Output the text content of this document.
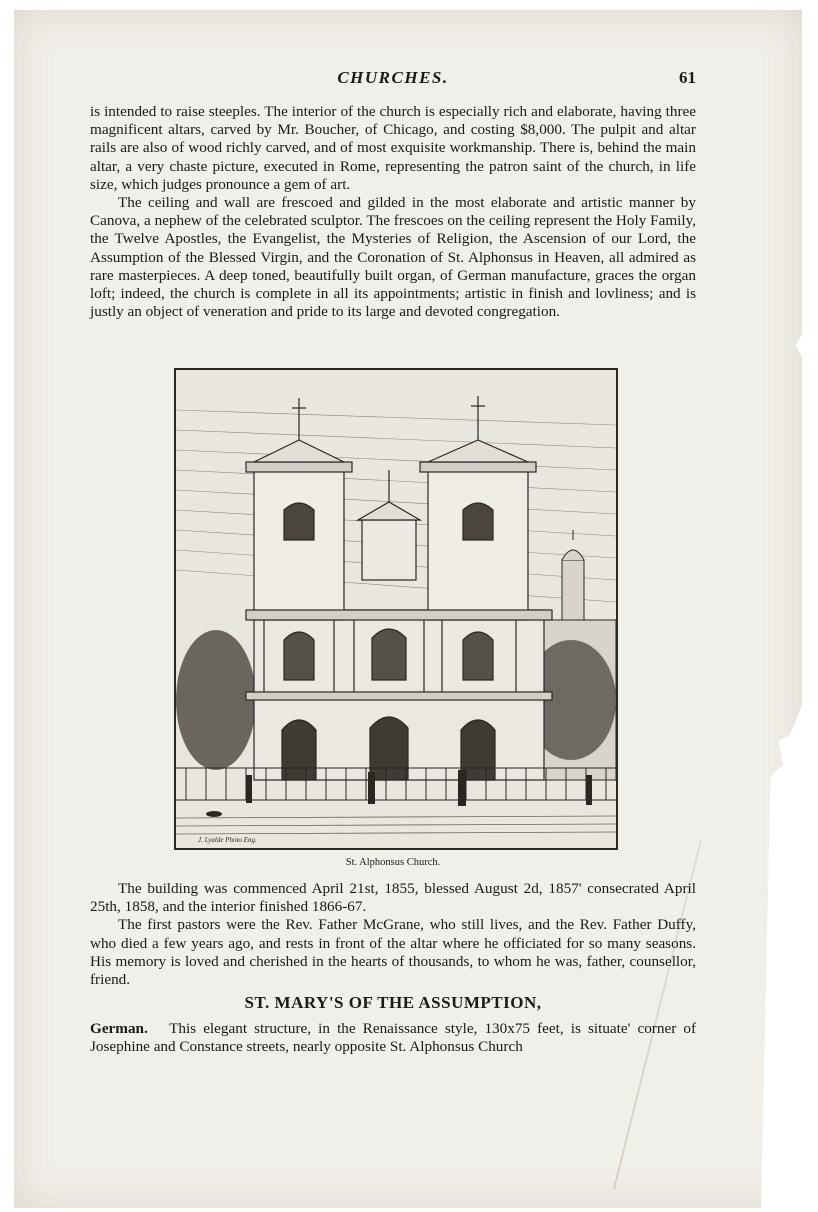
CHURCHES.	61

is intended to raise steeples. The interior of the church is especially rich and elaborate, having three magnificent altars, carved by Mr. Boucher, of Chicago, and costing $8,000. The pulpit and altar rails are also of wood richly carved, and of most exquisite workmanship. There is, behind the main altar, a very chaste picture, executed in Rome, representing the patron saint of the church, in life size, which judges pronounce a gem of art.

The ceiling and wall are frescoed and gilded in the most elaborate and artistic manner by Canova, a nephew of the celebrated sculptor. The frescoes on the ceiling represent the Holy Family, the Twelve Apostles, the Evangelist, the Mysteries of Religion, the Ascension of our Lord, the Assumption of the Blessed Virgin, and the Coronation of St. Alphonsus in Heaven, all admired as rare masterpieces. A deep toned, beautifully built organ, of German manufacture, graces the organ loft; indeed, the church is complete in all its appointments; artistic in finish and lovliness; and is justly an object of veneration and pride to its large and devoted congregation.

J. Lyalde Photo Eng.
St. Alphonsus Church.

The building was commenced April 21st, 1855, blessed August 2d, 1857' consecrated April 25th, 1858, and the interior finished 1866-67.

The first pastors were the Rev. Father McGrane, who still lives, and the Rev. Father Duffy, who died a few years ago, and rests in front of the altar where he officiated for so many seasons. His memory is loved and cherished in the hearts of thousands, to whom he was, father, counsellor, friend.

ST. MARY'S OF THE ASSUMPTION,

German. This elegant structure, in the Renaissance style, 130x75 feet, is situate' corner of Josephine and Constance streets, nearly opposite St. Alphonsus Church
